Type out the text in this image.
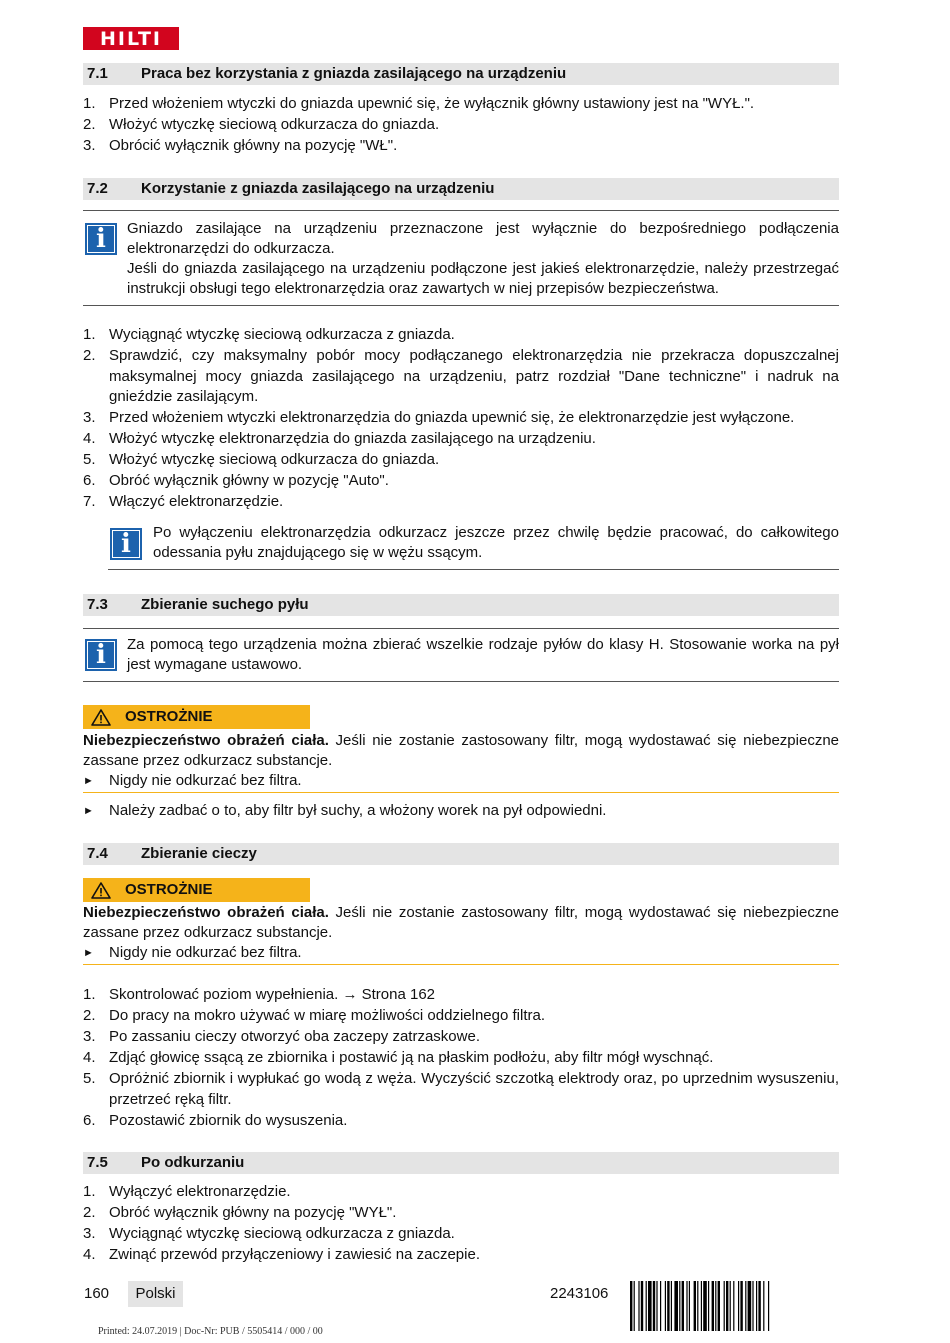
HILTI
7.1 Praca bez korzystania z gniazda zasilającego na urządzeniu
1. Przed włożeniem wtyczki do gniazda upewnić się, że wyłącznik główny ustawiony jest na "WYŁ.".
2. Włożyć wtyczkę sieciową odkurzacza do gniazda.
3. Obrócić wyłącznik główny na pozycję "WŁ".
7.2 Korzystanie z gniazda zasilającego na urządzeniu
i	Gniazdo zasilające na urządzeniu przeznaczone jest wyłącznie do bezpośredniego podłączenia elektronarzędzi do odkurzacza.
Jeśli do gniazda zasilającego na urządzeniu podłączone jest jakieś elektronarzędzie, należy przestrzegać instrukcji obsługi tego elektronarzędzia oraz zawartych w niej przepisów bezpieczeństwa.
1. Wyciągnąć wtyczkę sieciową odkurzacza z gniazda.
2. Sprawdzić, czy maksymalny pobór mocy podłączanego elektronarzędzia nie przekracza dopuszczalnej maksymalnej mocy gniazda zasilającego na urządzeniu, patrz rozdział "Dane techniczne" i nadruk na gnieździe zasilającym.
3. Przed włożeniem wtyczki elektronarzędzia do gniazda upewnić się, że elektronarzędzie jest wyłączone.
4. Włożyć wtyczkę elektronarzędzia do gniazda zasilającego na urządzeniu.
5. Włożyć wtyczkę sieciową odkurzacza do gniazda.
6. Obróć wyłącznik główny w pozycję "Auto".
7. Włączyć elektronarzędzie.
i	Po wyłączeniu elektronarzędzia odkurzacz jeszcze przez chwilę będzie pracować, do całkowitego odessania pyłu znajdującego się w wężu ssącym.
7.3 Zbieranie suchego pyłu
i	Za pomocą tego urządzenia można zbierać wszelkie rodzaje pyłów do klasy H. Stosowanie worka na pył jest wymagane ustawowo.
OSTROŻNIE
Niebezpieczeństwo obrażeń ciała. Jeśli nie zostanie zastosowany filtr, mogą wydostawać się niebezpieczne zassane przez odkurzacz substancje.
► Nigdy nie odkurzać bez filtra.
► Należy zadbać o to, aby filtr był suchy, a włożony worek na pył odpowiedni.
7.4 Zbieranie cieczy
OSTROŻNIE
Niebezpieczeństwo obrażeń ciała. Jeśli nie zostanie zastosowany filtr, mogą wydostawać się niebezpieczne zassane przez odkurzacz substancje.
► Nigdy nie odkurzać bez filtra.
1. Skontrolować poziom wypełnienia. → Strona 162
2. Do pracy na mokro używać w miarę możliwości oddzielnego filtra.
3. Po zassaniu cieczy otworzyć oba zaczepy zatrzaskowe.
4. Zdjąć głowicę ssącą ze zbiornika i postawić ją na płaskim podłożu, aby filtr mógł wyschnąć.
5. Opróżnić zbiornik i wypłukać go wodą z węża. Wyczyścić szczotką elektrody oraz, po uprzednim wysuszeniu, przetrzeć ręką filtr.
6. Pozostawić zbiornik do wysuszenia.
7.5 Po odkurzaniu
1. Wyłączyć elektronarzędzie.
2. Obróć wyłącznik główny na pozycję "WYŁ".
3. Wyciągnąć wtyczkę sieciową odkurzacza z gniazda.
4. Zwinąć przewód przyłączeniowy i zawiesić na zaczepie.
160	Polski	2243106
Printed: 24.07.2019 | Doc-Nr: PUB / 5505414 / 000 / 00
